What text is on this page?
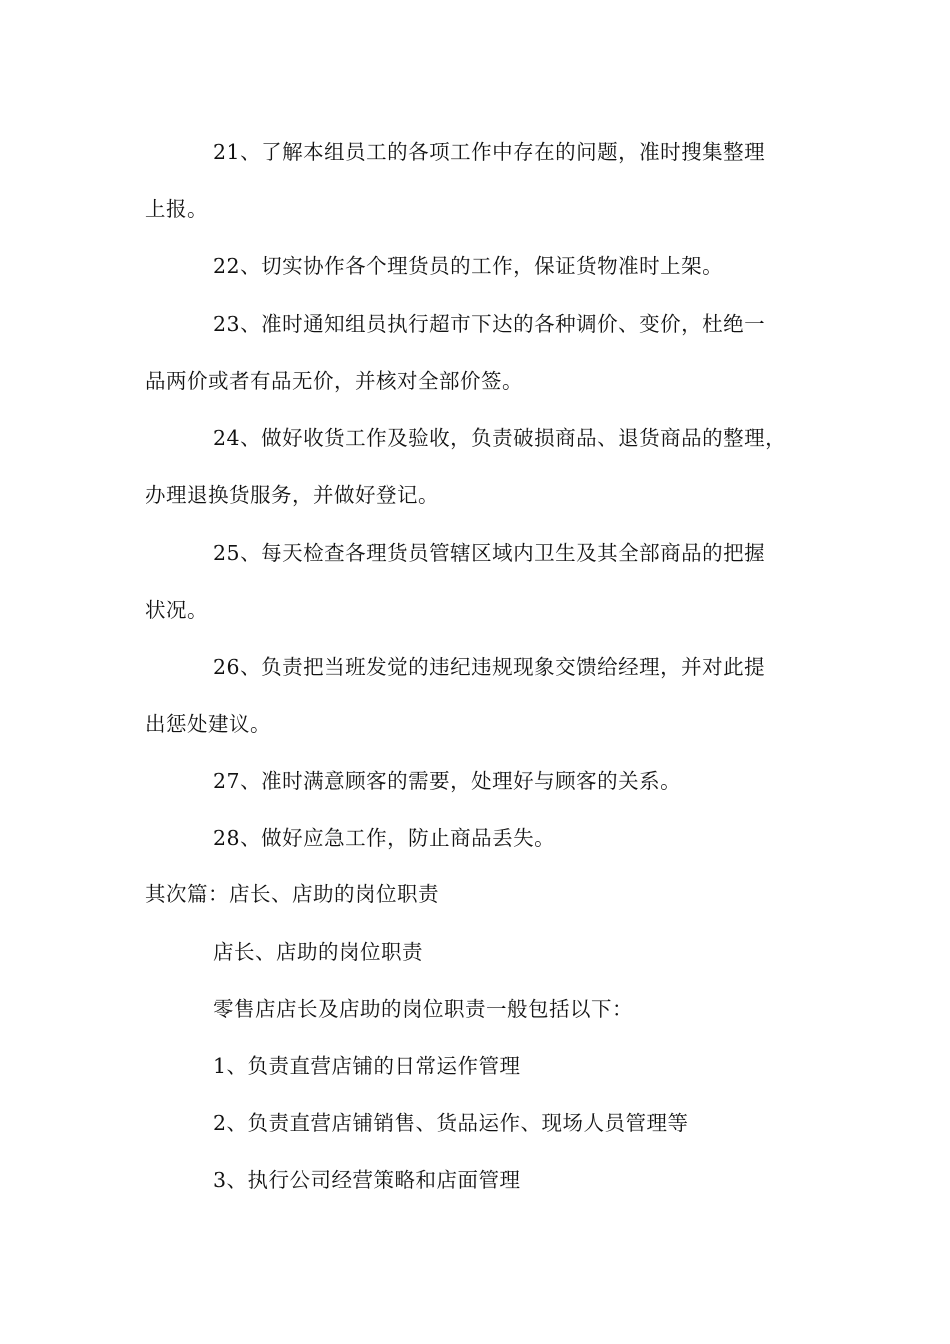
21、了解本组员工的各项工作中存在的问题，准时搜集整理
上报。
22、切实协作各个理货员的工作，保证货物准时上架。
23、准时通知组员执行超市下达的各种调价、变价，杜绝一
品两价或者有品无价，并核对全部价签。
24、做好收货工作及验收，负责破损商品、退货商品的整理，
办理退换货服务，并做好登记。
25、每天检查各理货员管辖区域内卫生及其全部商品的把握
状况。
26、负责把当班发觉的违纪违规现象交馈给经理，并对此提
出惩处建议。
27、准时满意顾客的需要，处理好与顾客的关系。
28、做好应急工作，防止商品丢失。
其次篇：店长、店助的岗位职责
店长、店助的岗位职责
零售店店长及店助的岗位职责一般包括以下：
1、负责直营店铺的日常运作管理
2、负责直营店铺销售、货品运作、现场人员管理等
3、执行公司经营策略和店面管理
